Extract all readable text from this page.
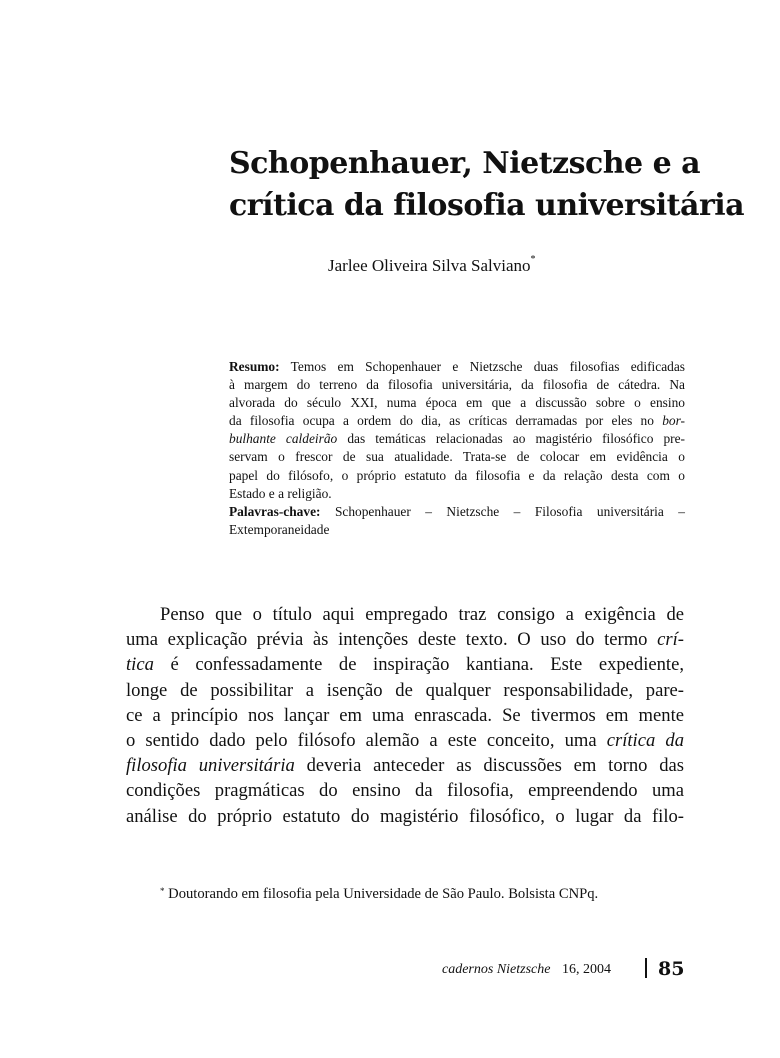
Schopenhauer, Nietzsche e a
crítica da filosofia universitária
Jarlee Oliveira Silva Salviano*
Resumo: Temos em Schopenhauer e Nietzsche duas filosofias edificadas
à margem do terreno da filosofia universitária, da filosofia de cátedra. Na
alvorada do século XXI, numa época em que a discussão sobre o ensino
da filosofia ocupa a ordem do dia, as críticas derramadas por eles no bor-
bulhante caldeirão das temáticas relacionadas ao magistério filosófico pre-
servam o frescor de sua atualidade. Trata-se de colocar em evidência o
papel do filósofo, o próprio estatuto da filosofia e da relação desta com o
Estado e a religião.
Palavras-chave: Schopenhauer – Nietzsche – Filosofia universitária –
Extemporaneidade
Penso que o título aqui empregado traz consigo a exigência de
uma explicação prévia às intenções deste texto. O uso do termo crí-
tica é confessadamente de inspiração kantiana. Este expediente,
longe de possibilitar a isenção de qualquer responsabilidade, pare-
ce a princípio nos lançar em uma enrascada. Se tivermos em mente
o sentido dado pelo filósofo alemão a este conceito, uma crítica da
filosofia universitária deveria anteceder as discussões em torno das
condições pragmáticas do ensino da filosofia, empreendendo uma
análise do próprio estatuto do magistério filosófico, o lugar da filo-
* Doutorando em filosofia pela Universidade de São Paulo. Bolsista CNPq.
cadernos Nietzsche 16, 2004 85
